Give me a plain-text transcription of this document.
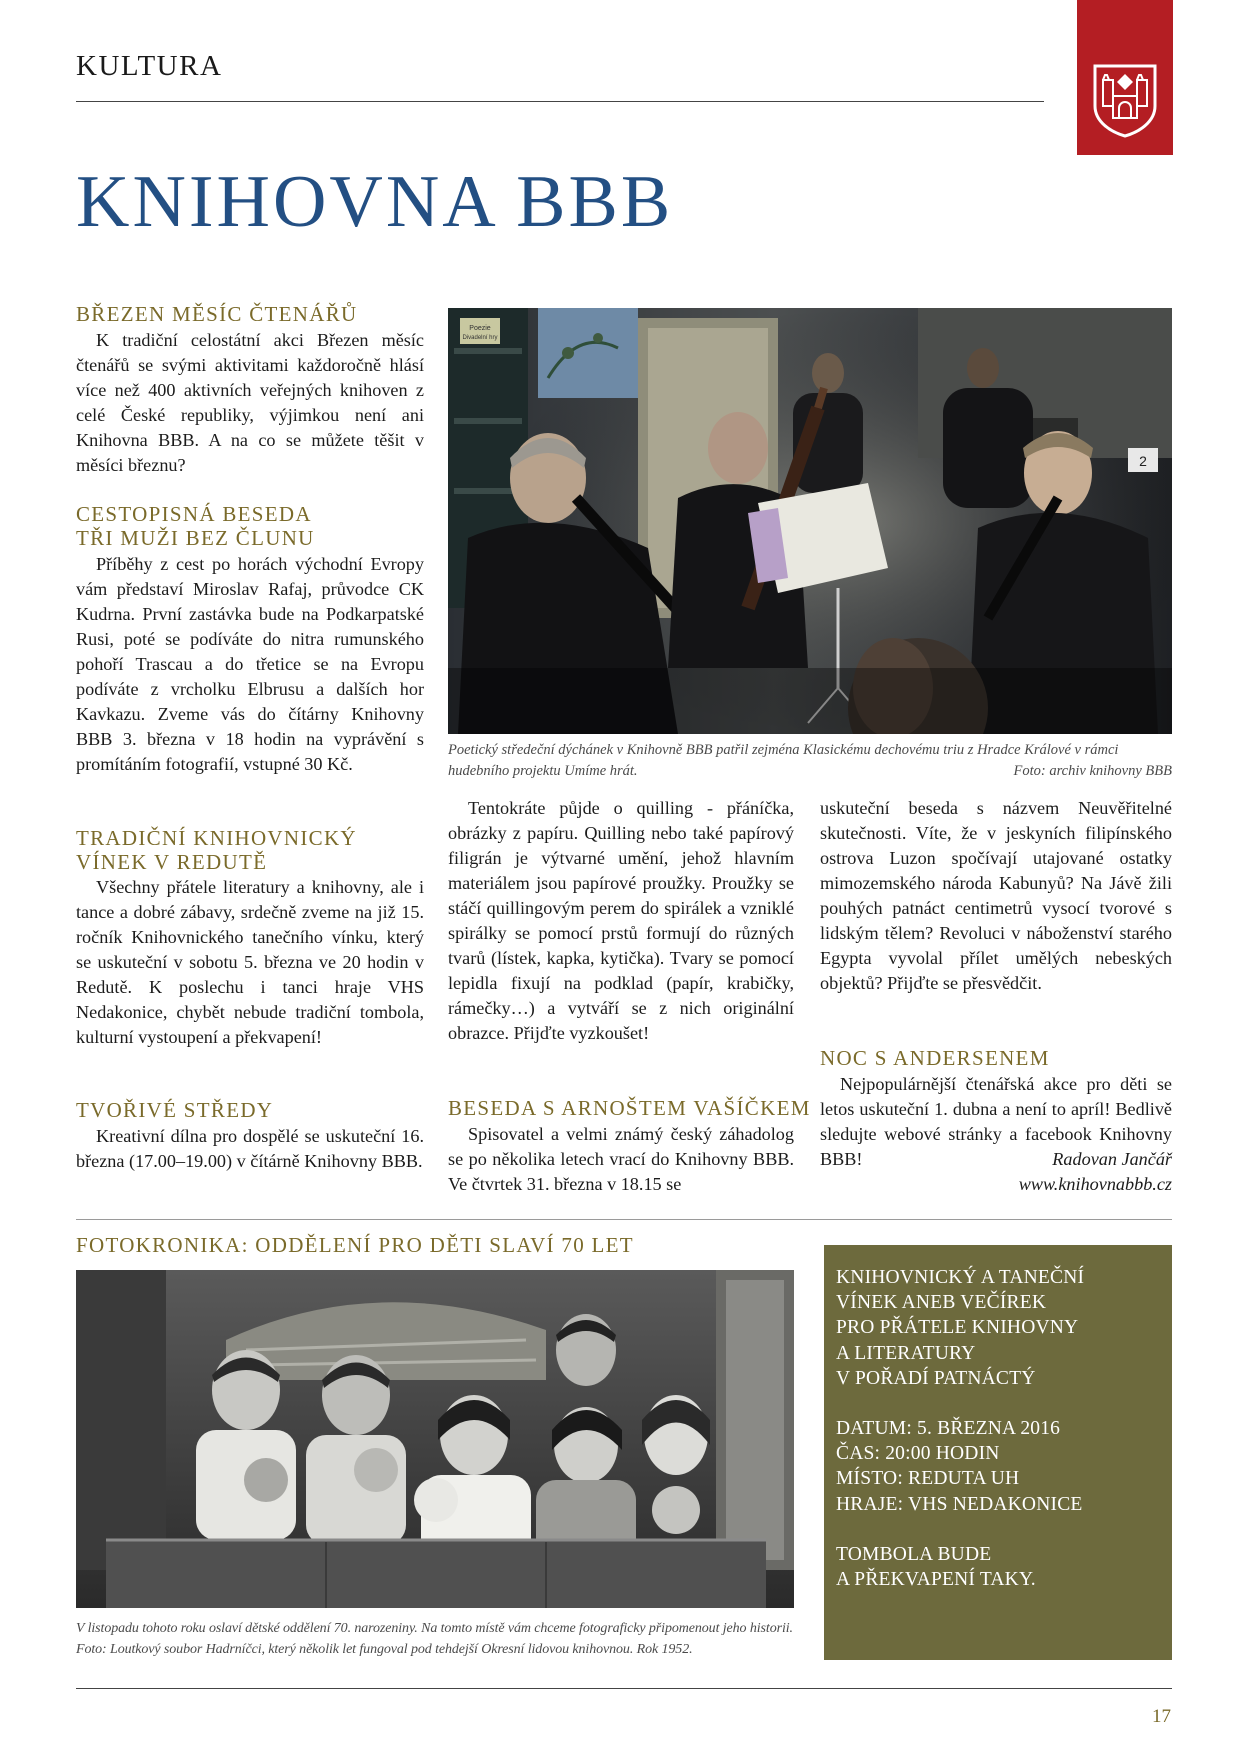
KULTURA
KNIHOVNA BBB
BŘEZEN MĚSÍC ČTENÁŘŮ
K tradiční celostátní akci Březen měsíc čtenářů se svými aktivitami každoročně hlásí více než 400 aktivních veřejných knihoven z celé České republiky, výjimkou není ani Knihovna BBB. A na co se můžete těšit v měsíci březnu?
CESTOPISNÁ BESEDA
TŘI MUŽI BEZ ČLUNU
Příběhy z cest po horách východní Evropy vám představí Miroslav Rafaj, průvodce CK Kudrna. První zastávka bude na Podkarpatské Rusi, poté se podíváte do nitra rumunského pohoří Trascau a do třetice se na Evropu podíváte z vrcholku Elbrusu a dalších hor Kavkazu. Zveme vás do čítárny Knihovny BBB 3. března v 18 hodin na vyprávění s promítáním fotografií, vstupné 30 Kč.
TRADIČNÍ KNIHOVNICKÝ
VÍNEK V REDUTĚ
Všechny přátele literatury a knihovny, ale i tance a dobré zábavy, srdečně zveme na již 15. ročník Knihovnického tanečního vínku, který se uskuteční v sobotu 5. března ve 20 hodin v Redutě. K poslechu i tanci hraje VHS Nedakonice, chybět nebude tradiční tombola, kulturní vystoupení a překvapení!
TVOŘIVÉ STŘEDY
Kreativní dílna pro dospělé se uskuteční 16. března (17.00–19.00) v čítárně Knihovny BBB.
Poezie
Divadelní hry
2
Poetický středeční dýchánek v Knihovně BBB patřil zejména Klasickému dechovému triu z Hradce Králové v rámci hudebního projektu Umíme hrát.	Foto: archiv knihovny BBB
Tentokráte půjde o quilling - přáníčka, obrázky z papíru. Quilling nebo také papírový filigrán je výtvarné umění, jehož hlavním materiálem jsou papírové proužky. Proužky se stáčí quillingovým perem do spirálek a vzniklé spirálky se pomocí prstů formují do různých tvarů (lístek, kapka, kytička). Tvary se pomocí lepidla fixují na podklad (papír, krabičky, rámečky…) a vytváří se z nich originální obrazce. Přijďte vyzkoušet!
BESEDA S ARNOŠTEM VAŠÍČKEM
Spisovatel a velmi známý český záhadolog se po několika letech vrací do Knihovny BBB. Ve čtvrtek 31. března v 18.15 se
uskuteční beseda s názvem Neuvěřitelné skutečnosti. Víte, že v jeskyních filipínského ostrova Luzon spočívají utajované ostatky mimozemského národa Kabunyů? Na Jávě žili pouhých patnáct centimetrů vysocí tvorové s lidským tělem? Revoluci v náboženství starého Egypta vyvolal přílet umělých nebeských objektů? Přijďte se přesvědčit.
NOC S ANDERSENEM
Nejpopulárnější čtenářská akce pro děti se letos uskuteční 1. dubna a není to apríl! Bedlivě sledujte webové stránky a facebook Knihovny BBB!	Radovan Jančář
www.knihovnabbb.cz
FOTOKRONIKA: ODDĚLENÍ PRO DĚTI SLAVÍ 70 LET
V listopadu tohoto roku oslaví dětské oddělení 70. narozeniny. Na tomto místě vám chceme fotograficky připomenout jeho historii. Foto: Loutkový soubor Hadrníčci, který několik let fungoval pod tehdejší Okresní lidovou knihovnou. Rok 1952.
KNIHOVNICKÝ A TANEČNÍ
VÍNEK ANEB VEČÍREK
PRO PŘÁTELE KNIHOVNY
A LITERATURY
V POŘADÍ PATNÁCTÝ
DATUM: 5. BŘEZNA 2016
ČAS: 20:00 HODIN
MÍSTO: REDUTA UH
HRAJE: VHS NEDAKONICE
TOMBOLA BUDE
A PŘEKVAPENÍ TAKY.
17
